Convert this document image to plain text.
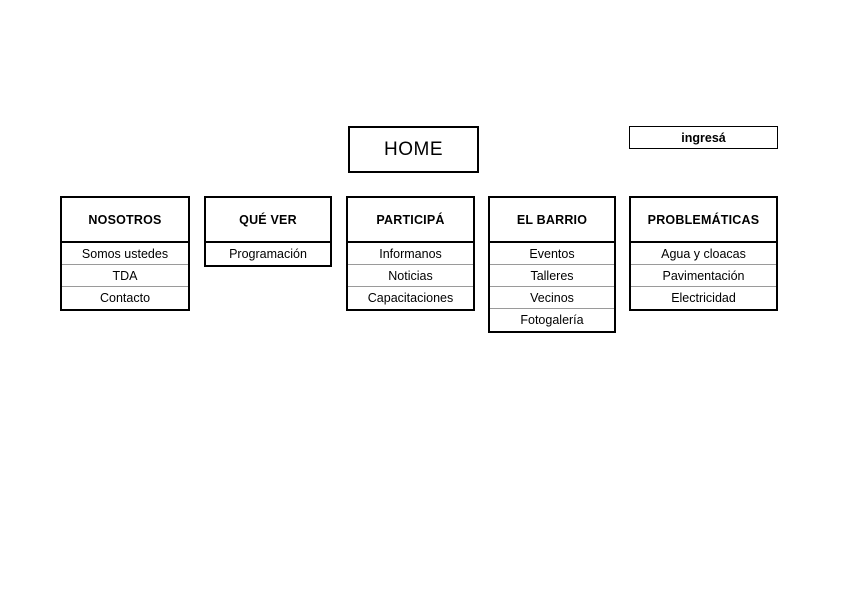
HOME
ingresá
NOSOTROS
Somos ustedes
TDA
Contacto
QUÉ VER
Programación
PARTICIPÁ
Informanos
Noticias
Capacitaciones
EL BARRIO
Eventos
Talleres
Vecinos
Fotogalería
PROBLEMÁTICAS
Agua y cloacas
Pavimentación
Electricidad
